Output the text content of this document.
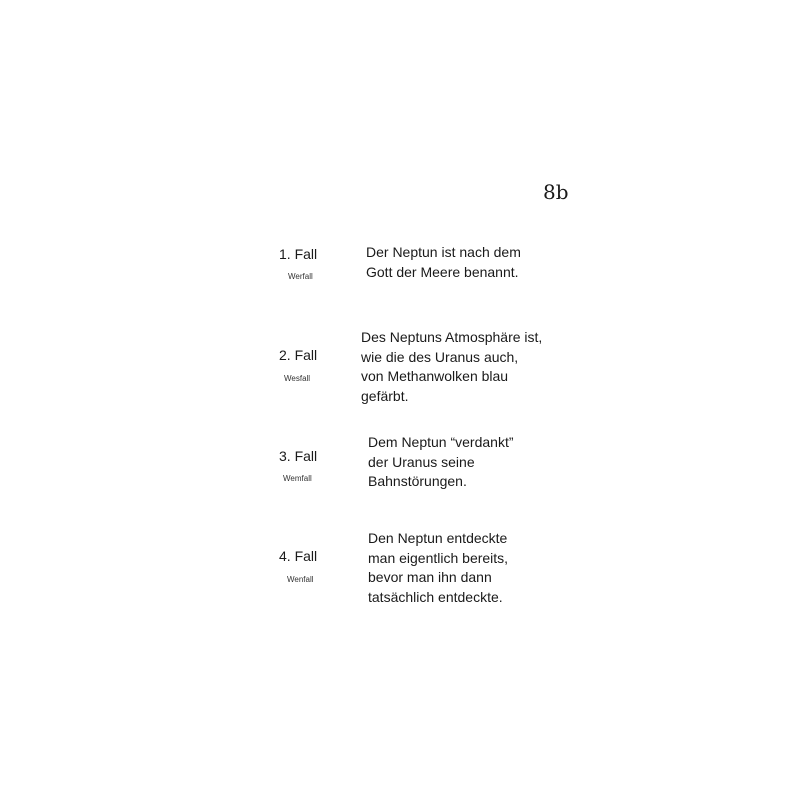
8b
1. Fall
Werfall
Der Neptun ist nach dem
Gott der Meere benannt.
2. Fall
Wesfall
Des Neptuns Atmosphäre ist,
wie die des Uranus auch,
von Methanwolken blau
gefärbt.
3. Fall
Wemfall
Dem Neptun “verdankt”
der Uranus seine
Bahnstörungen.
4. Fall
Wenfall
Den Neptun entdeckte
man eigentlich bereits,
bevor man ihn dann
tatsächlich entdeckte.
